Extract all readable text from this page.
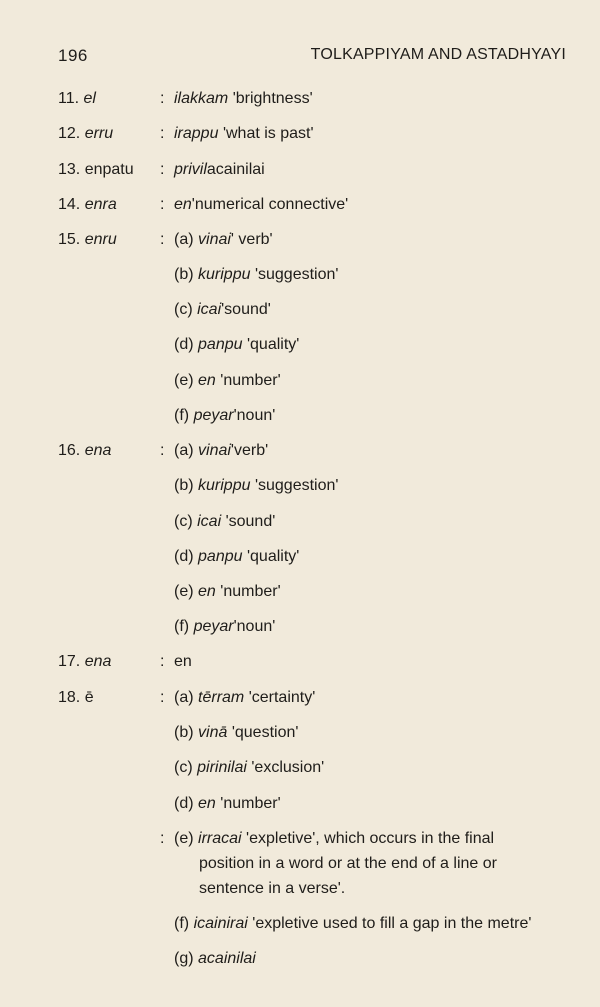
196	TOLKAPPIYAM AND ASTADHYAYI
11. el	: ilakkam 'brightness'
12. erru	: irappu 'what is past'
13. enpatu : privilacainilai
14. enra	: en'numerical connective'
15. enru	: (a) vinai' verb'
(b) kurippu 'suggestion'
(c) icai'sound'
(d) panpu 'quality'
(e) en 'number'
(f) peyar'noun'
16. ena	: (a) vinai'verb'
(b) kurippu 'suggestion'
(c) icai 'sound'
(d) panpu 'quality'
(e) en 'number'
(f) peyar'noun'
17. ena	: en
18. ē	: (a) tērram 'certainty'
(b) vinā 'question'
(c) pirinilai 'exclusion'
(d) en 'number'
: (e) irracai 'expletive', which occurs in the final
position in a word or at the end of a line or
sentence in a verse'.
(f) icainirai 'expletive used to fill a gap in the metre'
(g) acainilai
